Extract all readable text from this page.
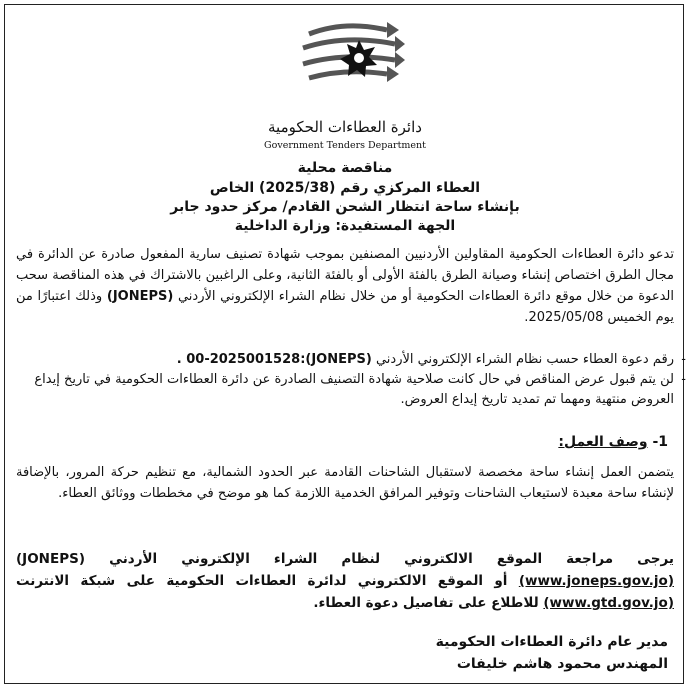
دائرة العطاءات الحكومية
Government Tenders Department
مناقصة محلية
العطاء المركزي رقم (2025/38) الخاص
بإنشاء ساحة انتظار الشحن القادم/ مركز حدود جابر
الجهة المستفيدة: وزارة الداخلية
تدعو دائرة العطاءات الحكومية المقاولين الأردنيين المصنفين بموجب شهادة تصنيف سارية المفعول صادرة عن الدائرة في مجال الطرق اختصاص إنشاء وصيانة الطرق بالفئة الأولى أو بالفئة الثانية، وعلى الراغبين بالاشتراك في هذه المناقصة سحب الدعوة من خلال موقع دائرة العطاءات الحكومية أو من خلال نظام الشراء الإلكتروني الأردني (JONEPS) وذلك اعتبارًا من يوم الخميس 2025/05/08.
- رقم دعوة العطاء حسب نظام الشراء الإلكتروني الأردني (JONEPS):00-2025001528 .
- لن يتم قبول عرض المناقص في حال كانت صلاحية شهادة التصنيف الصادرة عن دائرة العطاءات الحكومية في تاريخ إيداع العروض منتهية ومهما تم تمديد تاريخ إيداع العروض.
1- وصف العمل:
يتضمن العمل إنشاء ساحة مخصصة لاستقبال الشاحنات القادمة عبر الحدود الشمالية، مع تنظيم حركة المرور، بالإضافة لإنشاء ساحة معبدة لاستيعاب الشاحنات وتوفير المرافق الخدمية اللازمة كما هو موضح في مخططات ووثائق العطاء.
يرجى مراجعة الموقع الالكتروني لنظام الشراء الإلكتروني الأردني (JONEPS) (www.joneps.gov.jo) أو الموقع الالكتروني لدائرة العطاءات الحكومية على شبكة الانترنت (www.gtd.gov.jo) للاطلاع على تفاصيل دعوة العطاء.
مدير عام دائرة العطاءات الحكومية
المهندس محمود هاشم خليفات
